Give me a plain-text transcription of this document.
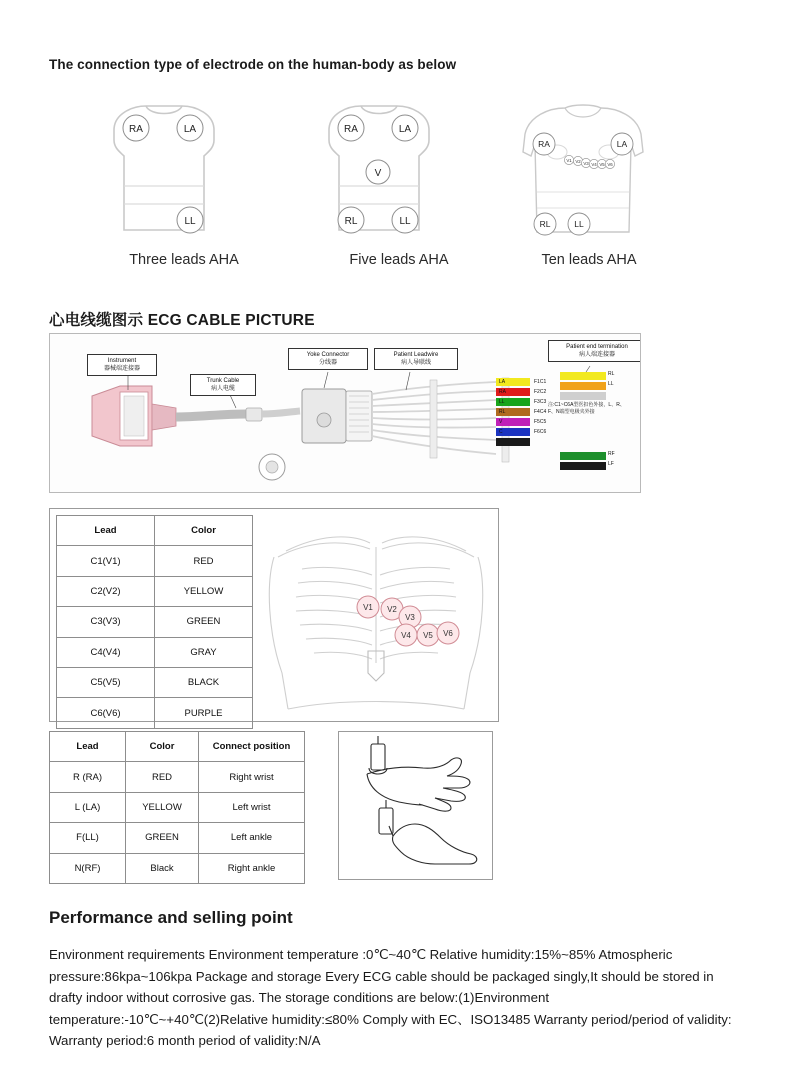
The connection type of electrode on the human-body as below
RA	LA
LL
Three leads AHA
RA	LA
V
RL	LL
Five leads AHA
RA	LA
RL	LL
V1 V2 V3 V4 V5 V6
Ten leads AHA
心电线缆图示 ECG CABLE PICTURE
Instrument
器械端连接器
Trunk Cable
病人电缆
Yoke Connector
分线器
Patient Leadwire
病人导联线
Patient end termination
病人端连接器
LA
RA
LL
RL
V
C
F1C1
F2C2
F3C3
F4C4
F5C5
F6C6
RL
LL
RF
LF
注:C1~C6A型医扣色外接，L、R、F、N端型电极夹外接
Lead	Color
C1(V1)	RED
C2(V2)	YELLOW
C3(V3)	GREEN
C4(V4)	GRAY
C5(V5)	BLACK
C6(V6)	PURPLE
V1 V2
V3
V4 V5 V6
Lead	Color	Connect position
R (RA)	RED	Right wrist
L (LA)	YELLOW	Left wrist
F(LL)	GREEN	Left ankle
N(RF)	Black	Right ankle
Performance and selling point
Environment requirements Environment temperature :0℃~40℃ Relative humidity:15%~85% Atmospheric pressure:86kpa~106kpa Package and storage Every ECG cable should be packaged singly,It should be stored in drafty indoor without corrosive gas. The storage conditions are below:(1)Environment temperature:-10℃~+40℃(2)Relative humidity:≤80% Comply with EC、ISO13485 Warranty period/period of validity: Warranty period:6 month period of validity:N/A
